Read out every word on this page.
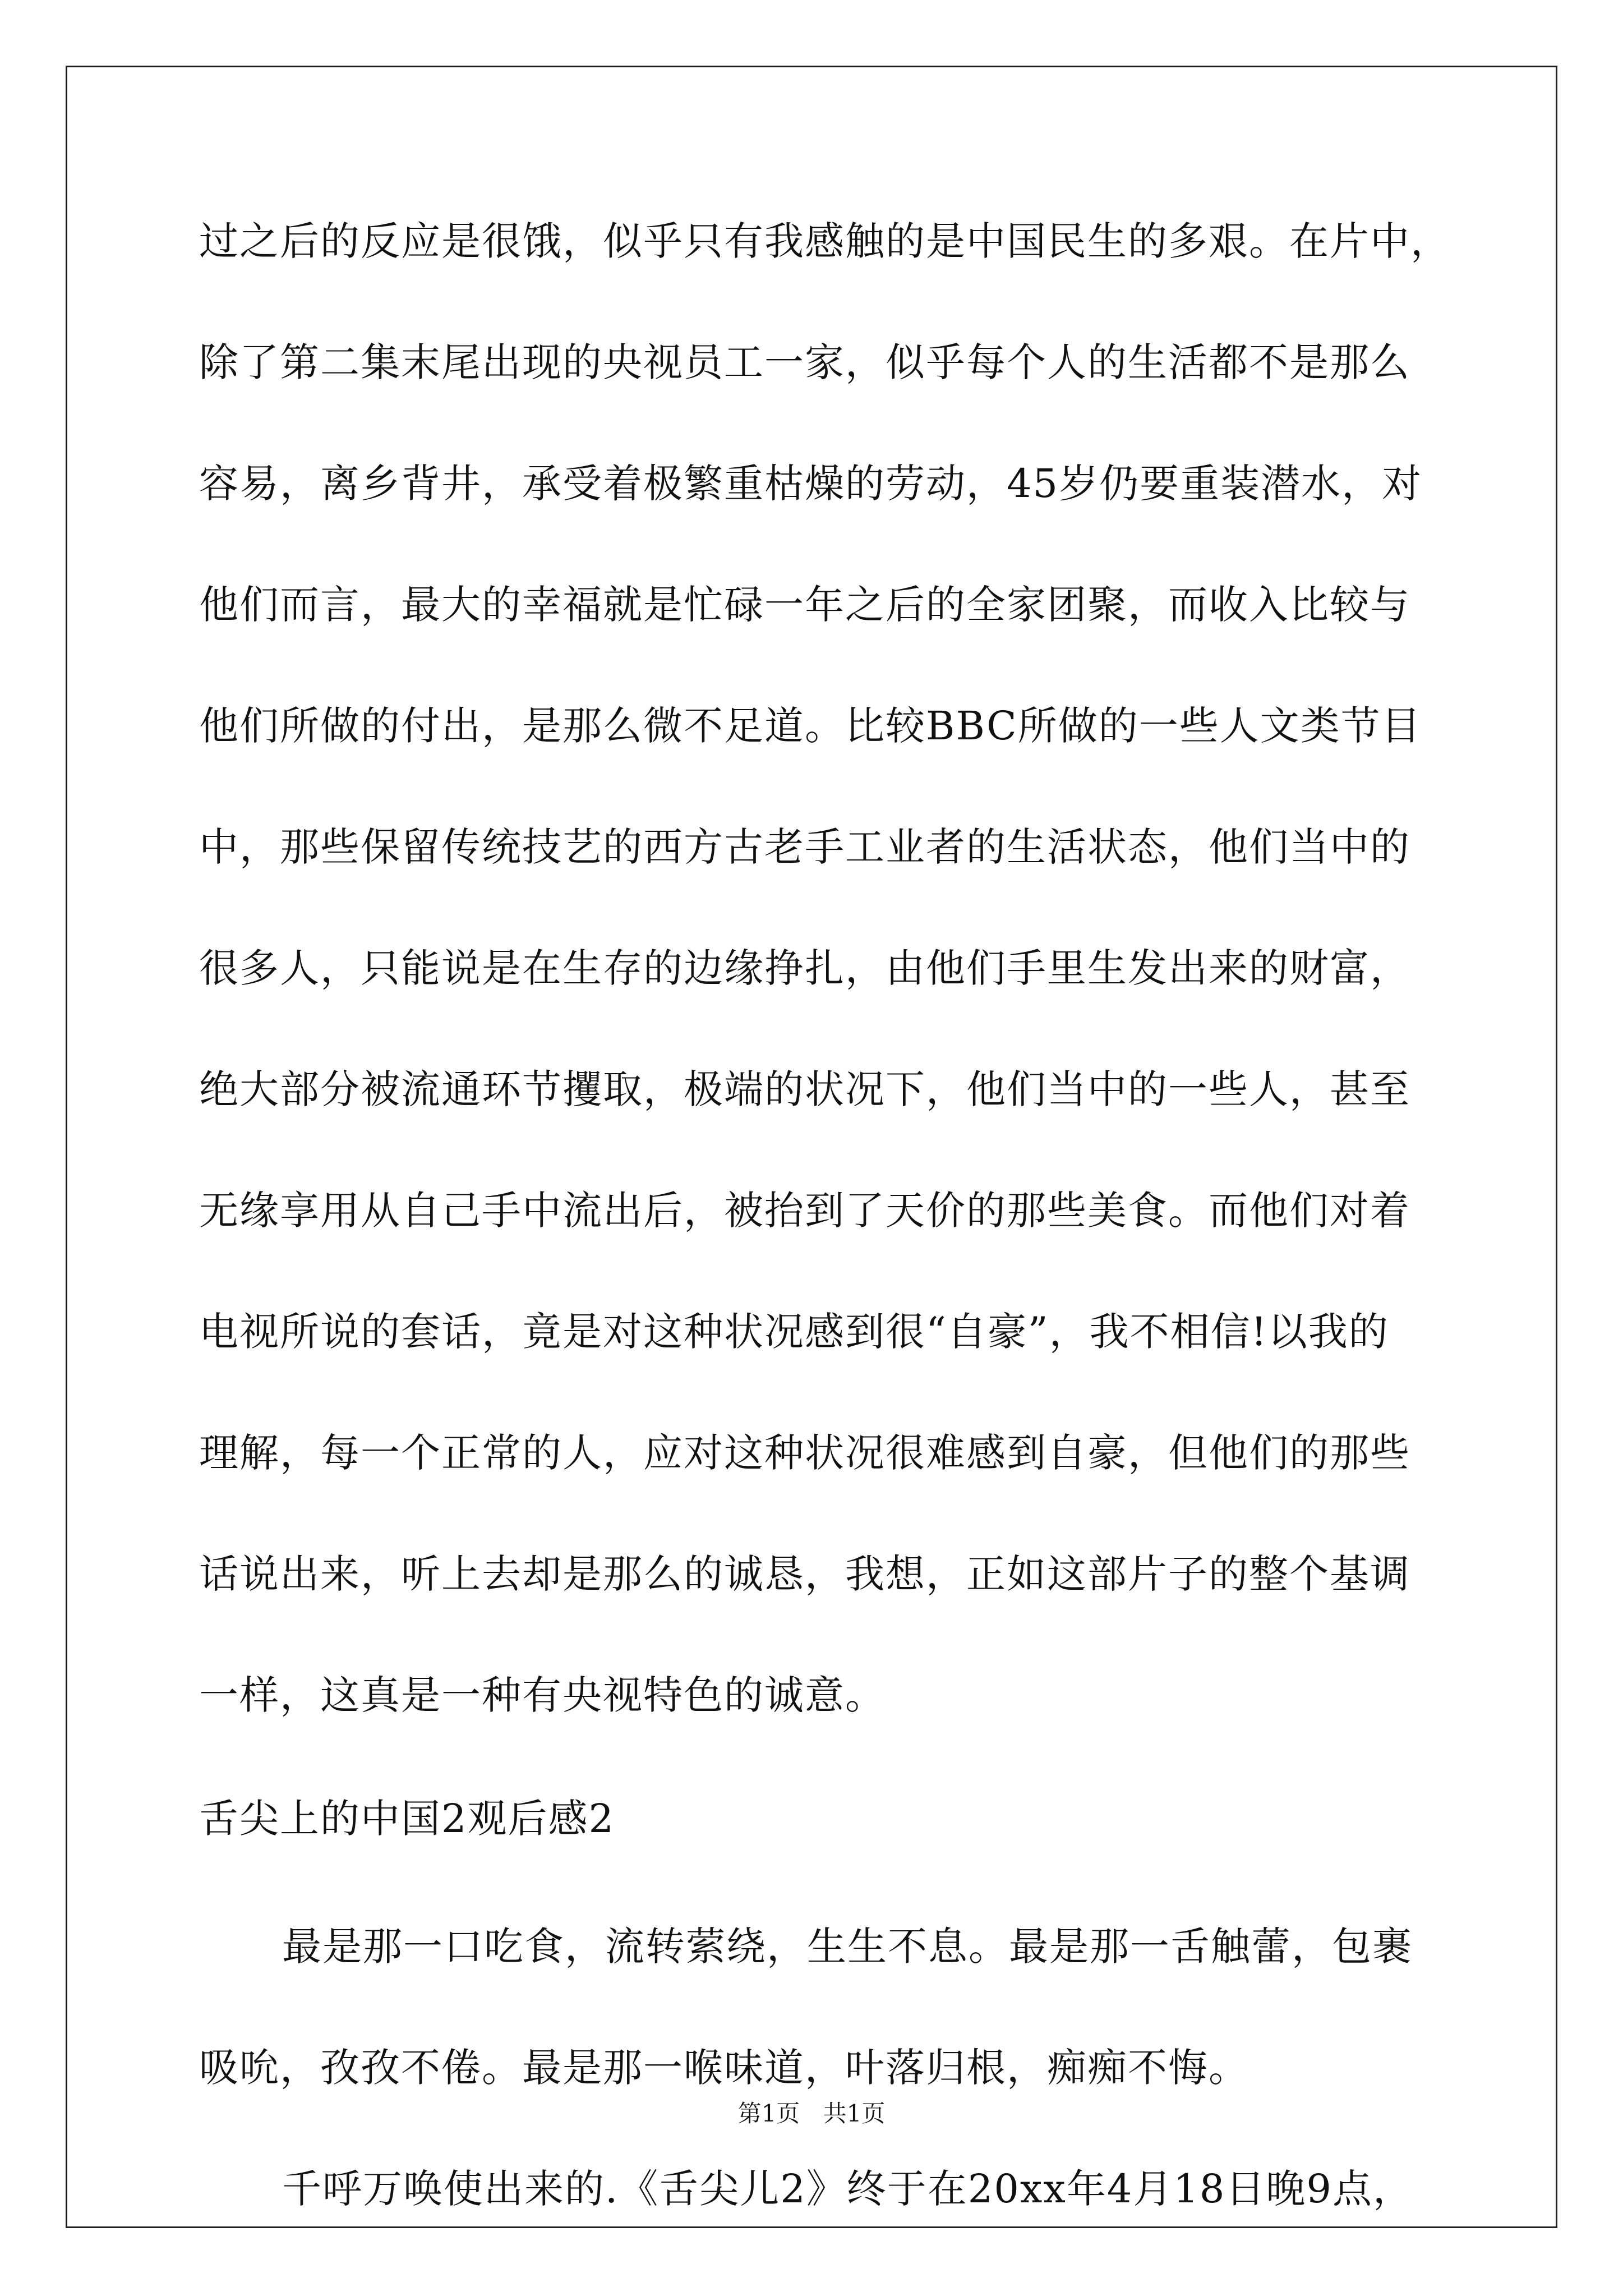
过之后的反应是很饿，似乎只有我感触的是中国民生的多艰。在片中，
除了第二集末尾出现的央视员工一家，似乎每个人的生活都不是那么
容易，离乡背井，承受着极繁重枯燥的劳动，45岁仍要重装潜水，对
他们而言，最大的幸福就是忙碌一年之后的全家团聚，而收入比较与
他们所做的付出，是那么微不足道。比较BBC所做的一些人文类节目
中，那些保留传统技艺的西方古老手工业者的生活状态，他们当中的
很多人，只能说是在生存的边缘挣扎，由他们手里生发出来的财富，
绝大部分被流通环节攫取，极端的状况下，他们当中的一些人，甚至
无缘享用从自己手中流出后，被抬到了天价的那些美食。而他们对着
电视所说的套话，竟是对这种状况感到很“自豪”，我不相信!以我的
理解，每一个正常的人，应对这种状况很难感到自豪，但他们的那些
话说出来，听上去却是那么的诚恳，我想，正如这部片子的整个基调
一样，这真是一种有央视特色的诚意。
舌尖上的中国2观后感2
最是那一口吃食，流转萦绕，生生不息。最是那一舌触蕾，包裹
吸吮，孜孜不倦。最是那一喉味道，叶落归根，痴痴不悔。
千呼万唤使出来的.《舌尖儿2》终于在20xx年4月18日晚9点，
第1页 共1页
